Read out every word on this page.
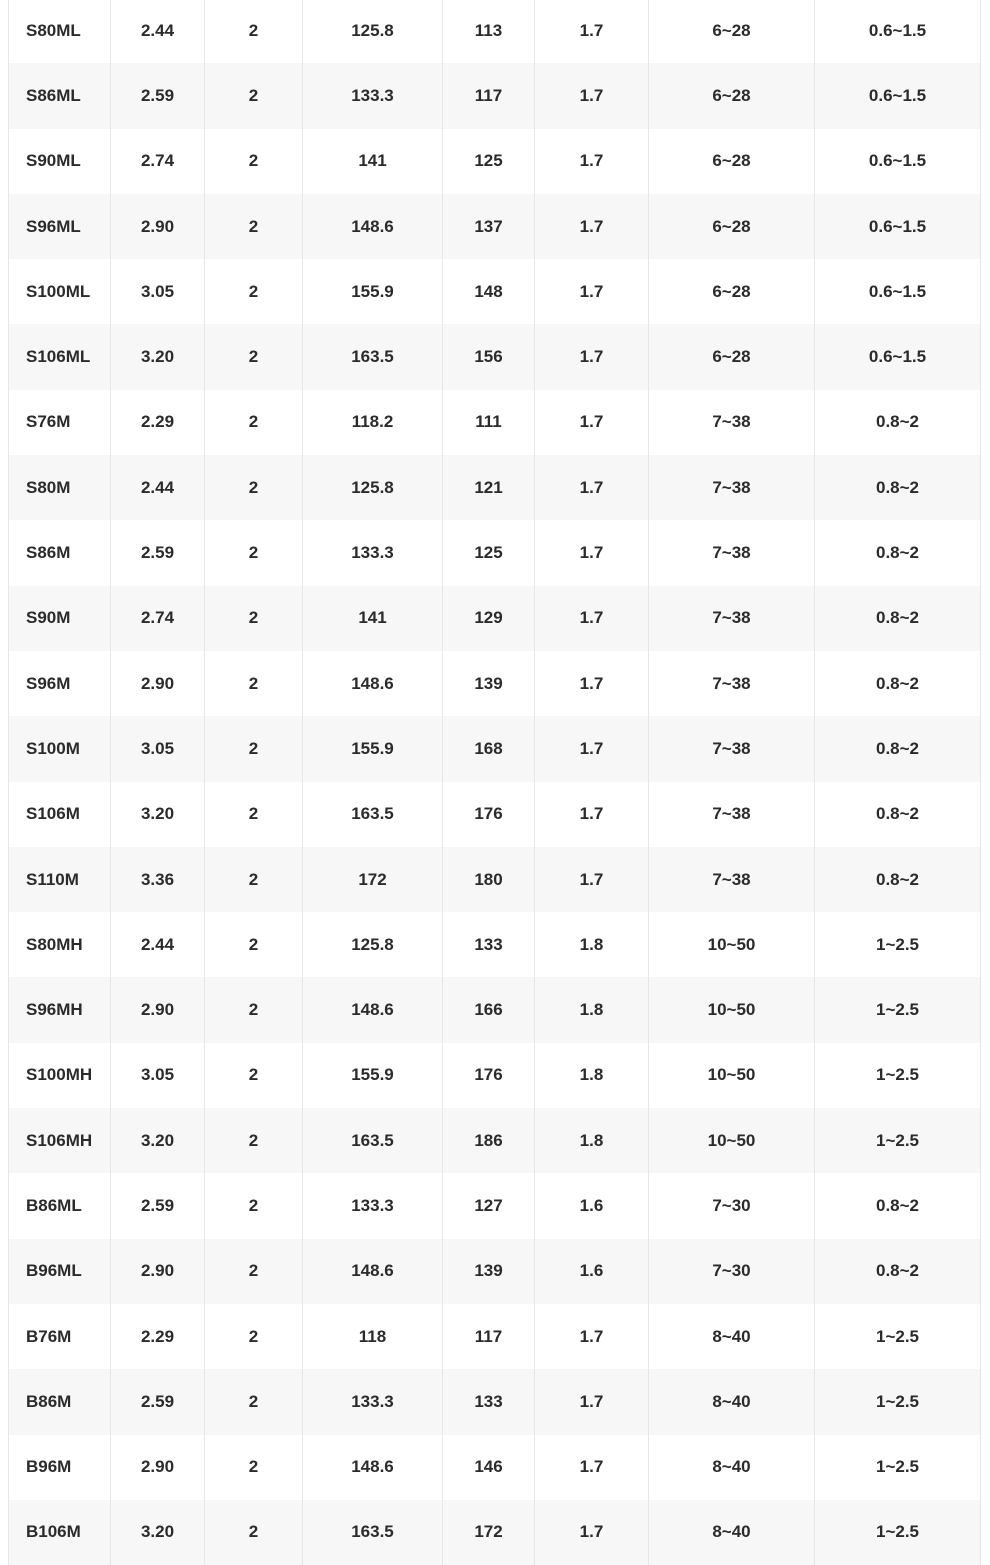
S80ML	2.44	2	125.8	113	1.7	6~28	0.6~1.5
S86ML	2.59	2	133.3	117	1.7	6~28	0.6~1.5
S90ML	2.74	2	141	125	1.7	6~28	0.6~1.5
S96ML	2.90	2	148.6	137	1.7	6~28	0.6~1.5
S100ML	3.05	2	155.9	148	1.7	6~28	0.6~1.5
S106ML	3.20	2	163.5	156	1.7	6~28	0.6~1.5
S76M	2.29	2	118.2	111	1.7	7~38	0.8~2
S80M	2.44	2	125.8	121	1.7	7~38	0.8~2
S86M	2.59	2	133.3	125	1.7	7~38	0.8~2
S90M	2.74	2	141	129	1.7	7~38	0.8~2
S96M	2.90	2	148.6	139	1.7	7~38	0.8~2
S100M	3.05	2	155.9	168	1.7	7~38	0.8~2
S106M	3.20	2	163.5	176	1.7	7~38	0.8~2
S110M	3.36	2	172	180	1.7	7~38	0.8~2
S80MH	2.44	2	125.8	133	1.8	10~50	1~2.5
S96MH	2.90	2	148.6	166	1.8	10~50	1~2.5
S100MH	3.05	2	155.9	176	1.8	10~50	1~2.5
S106MH	3.20	2	163.5	186	1.8	10~50	1~2.5
B86ML	2.59	2	133.3	127	1.6	7~30	0.8~2
B96ML	2.90	2	148.6	139	1.6	7~30	0.8~2
B76M	2.29	2	118	117	1.7	8~40	1~2.5
B86M	2.59	2	133.3	133	1.7	8~40	1~2.5
B96M	2.90	2	148.6	146	1.7	8~40	1~2.5
B106M	3.20	2	163.5	172	1.7	8~40	1~2.5
